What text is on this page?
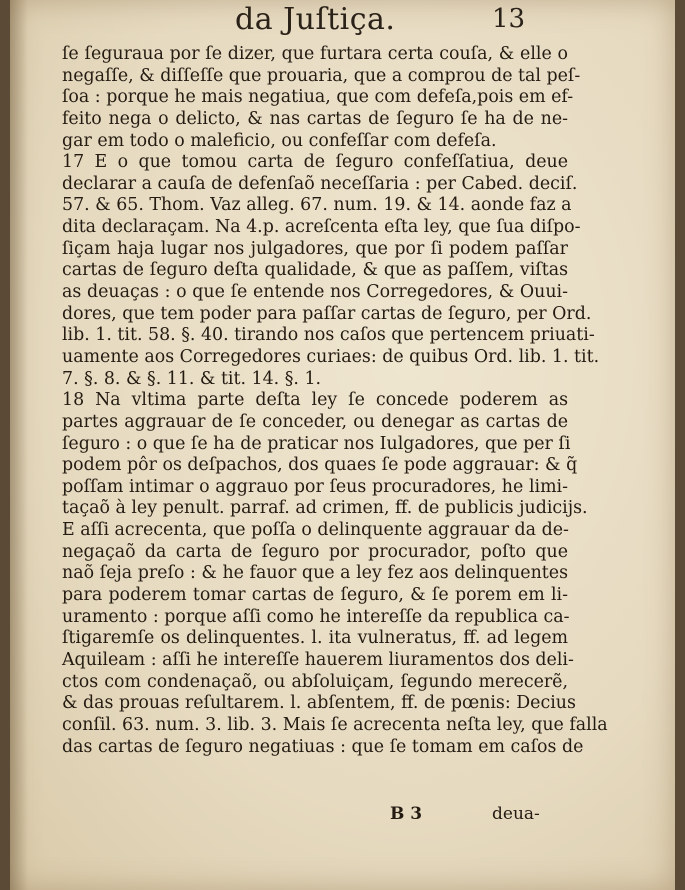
da Juſtiça.	13
ſe ſeguraua por ſe dizer, que furtara certa couſa, & elle o
negaſſe, & diſſeſſe que prouaria, que a comprou de tal peſ-
ſoa : porque he mais negatiua, que com defeſa,pois em ef-
feito nega o delicto, & nas cartas de ſeguro ſe ha de ne-
gar em todo o maleficio, ou confeſſar com defeſa.
17 E o que tomou carta de ſeguro confeſſatiua, deue
declarar a cauſa de defenſaõ neceſſaria : per Cabed. deciſ.
57. & 65. Thom. Vaz alleg. 67. num. 19. & 14. aonde faz a
dita declaraçam. Na 4.p. acreſcenta eſta ley, que ſua diſpo-
ſiçam haja lugar nos julgadores, que por ſi podem paſſar
cartas de ſeguro deſta qualidade, & que as paſſem, viſtas
as deuaças : o que ſe entende nos Corregedores, & Ouui-
dores, que tem poder para paſſar cartas de ſeguro, per Ord.
lib. 1. tit. 58. §. 40. tirando nos caſos que pertencem priuati-
uamente aos Corregedores curiaes: de quibus Ord. lib. 1. tit.
7. §. 8. & §. 11. & tit. 14. §. 1.
18 Na vltima parte deſta ley ſe concede poderem as
partes aggrauar de ſe conceder, ou denegar as cartas de
ſeguro : o que ſe ha de praticar nos Iulgadores, que per ſi
podem pôr os deſpachos, dos quaes ſe pode aggrauar: & q̃
poſſam intimar o aggrauo por ſeus procuradores, he limi-
taçaõ à ley penult. parraf. ad crimen, ff. de publicis judicijs.
E aſſi acrecenta, que poſſa o delinquente aggrauar da de-
negaçaõ da carta de ſeguro por procurador, poſto que
naõ ſeja preſo : & he fauor que a ley fez aos delinquentes
para poderem tomar cartas de ſeguro, & ſe porem em li-
uramento : porque aſſi como he intereſſe da republica ca-
ſtigaremſe os delinquentes. l. ita vulneratus, ff. ad legem
Aquileam : aſſi he intereſſe hauerem liuramentos dos deli-
ctos com condenaçaõ, ou abſoluiçam, ſegundo merecerẽ,
& das prouas reſultarem. l. abſentem, ff. de pœnis: Decius
conſil. 63. num. 3. lib. 3. Mais ſe acrecenta neſta ley, que falla
das cartas de ſeguro negatiuas : que ſe tomam em caſos de
B 3	deua-
